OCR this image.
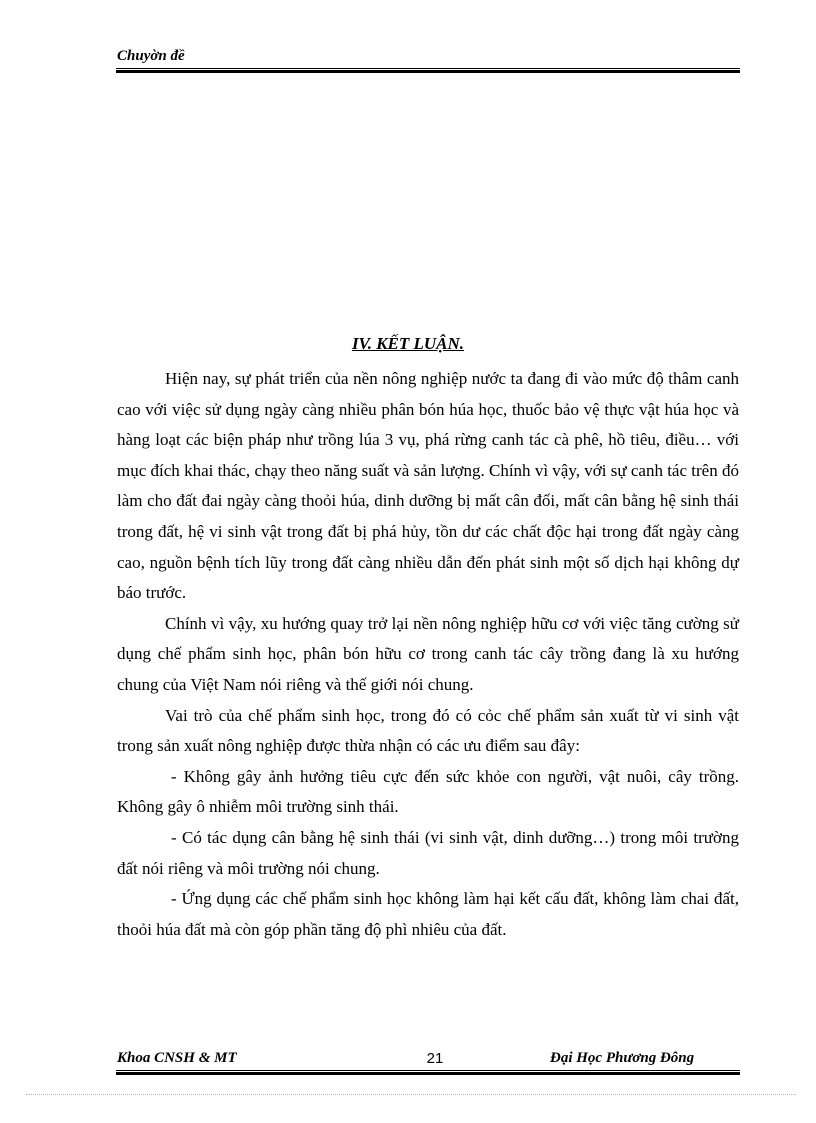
Chuyờn đề
IV. KẾT LUẬN.

Hiện nay, sự phát triển của nền nông nghiệp nước ta đang đi vào mức độ thâm canh cao với việc sử dụng ngày càng nhiều phân bón húa học, thuốc bảo vệ thực vật húa học và hàng loạt các biện pháp như trồng lúa 3 vụ, phá rừng canh tác cà phê, hồ tiêu, điều… với mục đích khai thác, chạy theo năng suất và sản lượng. Chính vì vậy, với sự canh tác trên đó làm cho đất đai ngày càng thoỏi húa, dinh dưỡng bị mất cân đối, mất cân bằng hệ sinh thái trong đất, hệ vi sinh vật trong đất bị phá hủy, tồn dư các chất độc hại trong đất ngày càng cao, nguồn bệnh tích lũy trong đất càng nhiều dẫn đến phát sinh một số dịch hại không dự báo trước.

Chính vì vậy, xu hướng quay trở lại nền nông nghiệp hữu cơ với việc tăng cường sử dụng chế phẩm sinh học, phân bón hữu cơ trong canh tác cây trồng đang là xu hướng chung của Việt Nam nói riêng và thế giới nói chung.

Vai trò của chế phẩm sinh học, trong đó có cỏc chế phẩm sản xuất từ vi sinh vật trong sản xuất nông nghiệp được thừa nhận có các ưu điểm sau đây:

- Không gây ảnh hưởng tiêu cực đến sức khỏe con người, vật nuôi, cây trồng. Không gây ô nhiễm môi trường sinh thái.

- Có tác dụng cân bằng hệ sinh thái (vi sinh vật, dinh dưỡng…) trong môi trường đất nói riêng và môi trường nói chung.

- Ứng dụng các chế phẩm sinh học không làm hại kết cấu đất, không làm chai đất, thoỏi húa đất mà còn góp phần tăng độ phì nhiêu của đất.

Khoa CNSH & MT	21	Đại Học Phương Đông
